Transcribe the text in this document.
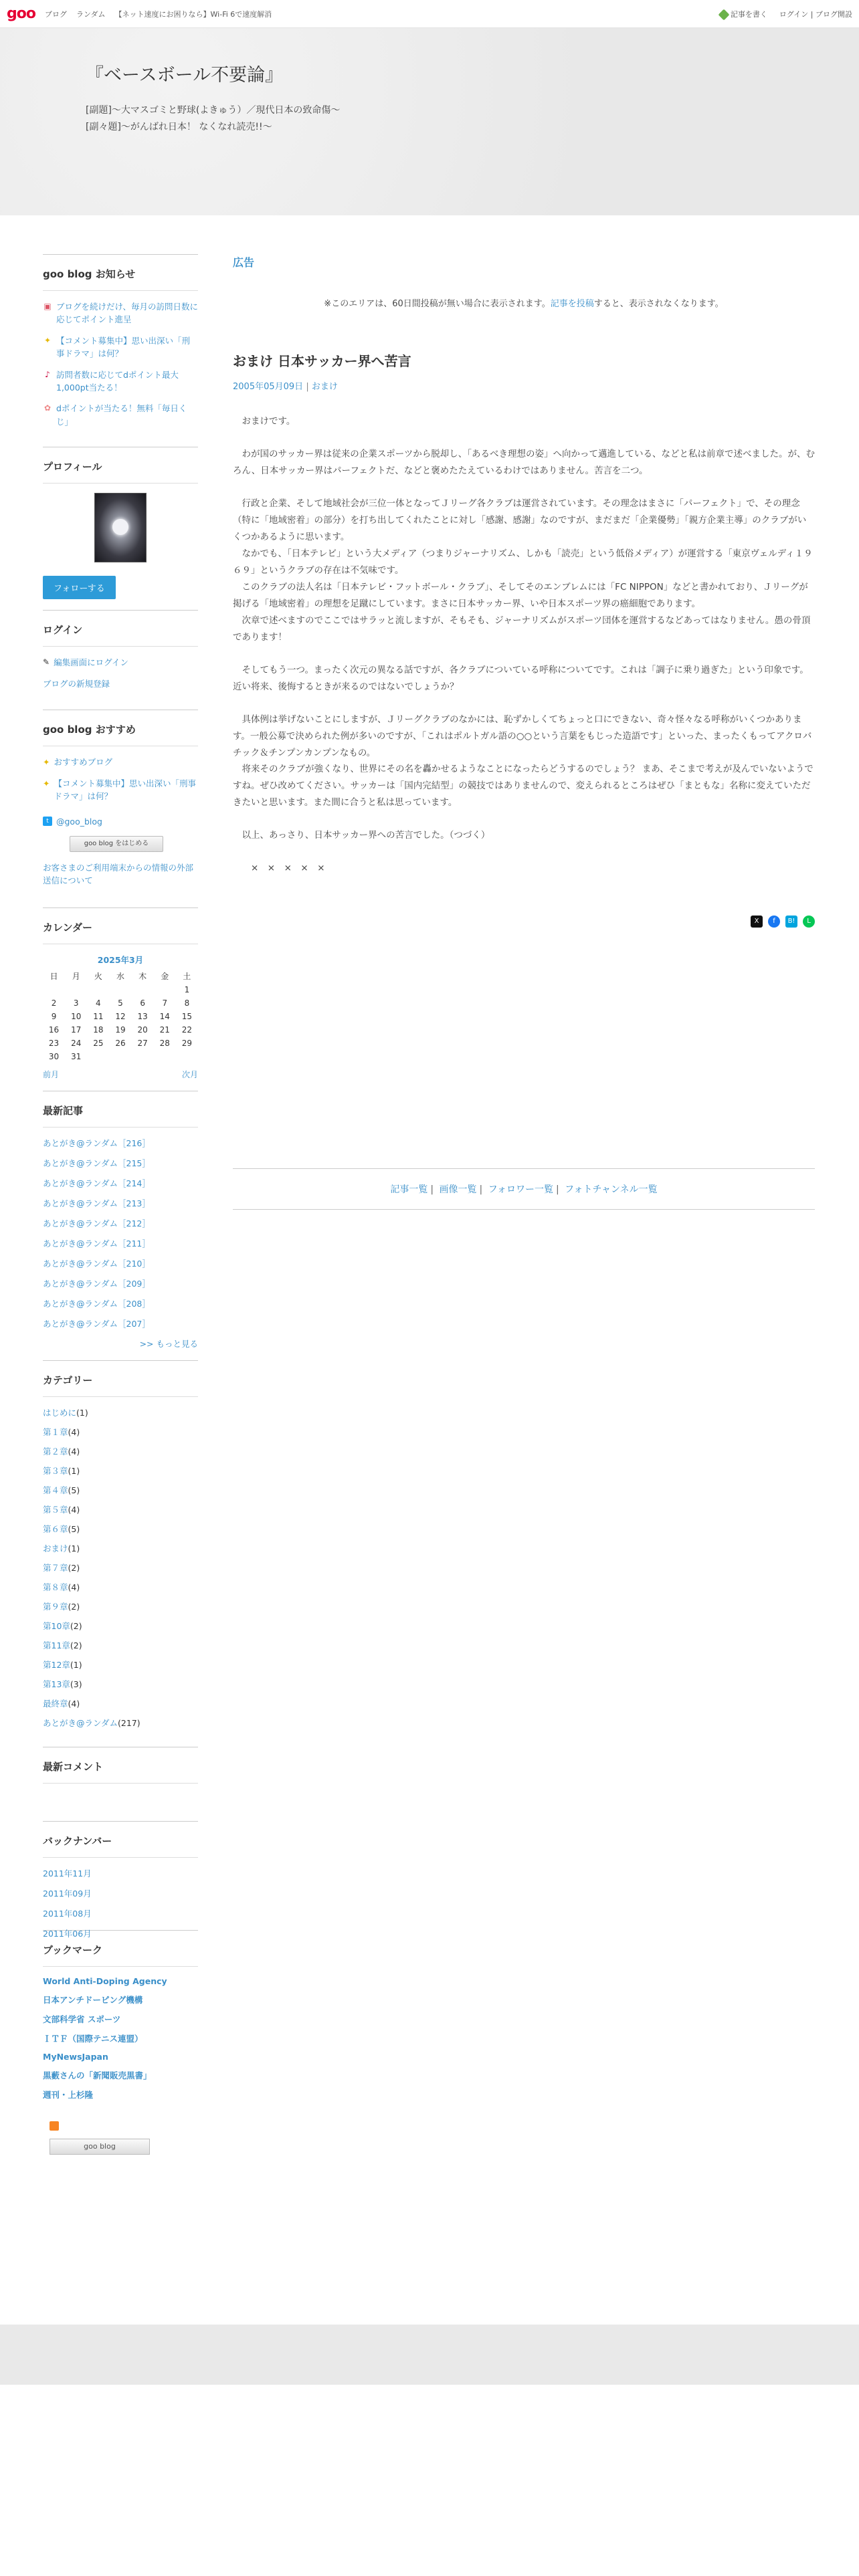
goo ブログ ランダム 【ネット速度にお困りなら】Wi-Fi 6で速度解消	記事を書く ログイン | ブログ開設
『ベースボール不要論』
[副題]〜大マスゴミと野球(よきゅう）／現代日本の致命傷〜
[副々題]〜がんばれ日本！ なくなれ読売!!〜
goo blog お知らせ
▣ ブログを続けだけ、毎月の訪問日数に応じてポイント進呈
✦ 【コメント募集中】思い出深い「刑事ドラマ」は何？
♪ 訪問者数に応じてdポイント最大1,000pt当たる！
✿ dポイントが当たる！無料「毎日くじ」
プロフィール
フォローする
ログイン
✎ 編集画面にログイン
ブログの新規登録
goo blog おすすめ
✦ おすすめブログ
✦ 【コメント募集中】思い出深い「刑事ドラマ」は何？
t @goo_blog
goo blog をはじめる
お客さまのご利用端末からの情報の外部送信について
カレンダー
2025年3月
日	月	火	水	木	金	土
						1
2	3	4	5	6	7	8
9	10	11	12	13	14	15
16	17	18	19	20	21	22
23	24	25	26	27	28	29
30	31					
前月	次月
最新記事
あとがき@ランダム［216］
あとがき@ランダム［215］
あとがき@ランダム［214］
あとがき@ランダム［213］
あとがき@ランダム［212］
あとがき@ランダム［211］
あとがき@ランダム［210］
あとがき@ランダム［209］
あとがき@ランダム［208］
あとがき@ランダム［207］
>> もっと見る
カテゴリー
はじめに(1)
第１章(4)
第２章(4)
第３章(1)
第４章(5)
第５章(4)
第６章(5)
おまけ(1)
第７章(2)
第８章(4)
第９章(2)
第10章(2)
第11章(2)
第12章(1)
第13章(3)
最終章(4)
あとがき@ランダム(217)
最新コメント
バックナンバー
2011年11月
2011年09月
2011年08月
2011年06月
ブックマーク
World Anti-Doping Agency
日本アンチドーピング機構
文部科学省 スポーツ
ＩＴＦ（国際テニス連盟）
MyNewsJapan
黒藪さんの「新聞販売黒書」
週刊・上杉隆
goo blog
広告
※このエリアは、60日間投稿が無い場合に表示されます。記事を投稿すると、表示されなくなります。
おまけ 日本サッカー界へ苦言
2005年05月09日 | おまけ

　おまけです。

　わが国のサッカー界は従来の企業スポーツから脱却し、「あるべき理想の姿」へ向かって邁進している、などと私は前章で述べました。が、むろん、日本サッカー界はパーフェクトだ、などと褒めたたえているわけではありません。苦言を二つ。

　行政と企業、そして地域社会が三位一体となってＪリーグ各クラブは運営されています。その理念はまさに「パーフェクト」で、その理念（特に「地域密着」の部分）を打ち出してくれたことに対し「感謝、感謝」なのですが、まだまだ「企業優勢」「親方企業主導」のクラブがいくつかあるように思います。
　なかでも、「日本テレビ」という大メディア（つまりジャーナリズム、しかも「読売」という低俗メディア）が運営する「東京ヴェルディ１９６９」というクラブの存在は不気味です。
　このクラブの法人名は「日本テレビ・フットボール・クラブ」、そしてそのエンブレムには「FC NIPPON」などと書かれており、Ｊリーグが掲げる「地域密着」の理想を足蹴にしています。まさに日本サッカー界、いや日本スポーツ界の癌細胞であります。
　次章で述べますのでここではサラッと流しますが、そもそも、ジャーナリズムがスポーツ団体を運営するなどあってはなりません。愚の骨頂であります！

　そしてもう一つ。まったく次元の異なる話ですが、各クラブについている呼称についてです。これは「調子に乗り過ぎた」という印象です。近い将来、後悔するときが来るのではないでしょうか？

　具体例は挙げないことにしますが、Ｊリーグクラブのなかには、恥ずかしくてちょっと口にできない、奇々怪々なる呼称がいくつかあります。一般公募で決められた例が多いのですが、「これはポルトガル語の○○という言葉をもじった造語です」といった、まったくもってアクロバチック＆チンプンカンプンなもの。
　将来そのクラブが強くなり、世界にその名を轟かせるようなことになったらどうするのでしょう？ まあ、そこまで考えが及んでいないようですね。ぜひ改めてください。サッカーは「国内完結型」の競技ではありませんので、変えられるところはぜひ「まともな」名称に変えていただきたいと思います。また間に合うと私は思っています。

　以上、あっさり、日本サッカー界への苦言でした。（つづく）

　　×　×　×　×　×

X	f	B!	L
記事一覧 | 画像一覧 | フォロワー一覧 | フォトチャンネル一覧
